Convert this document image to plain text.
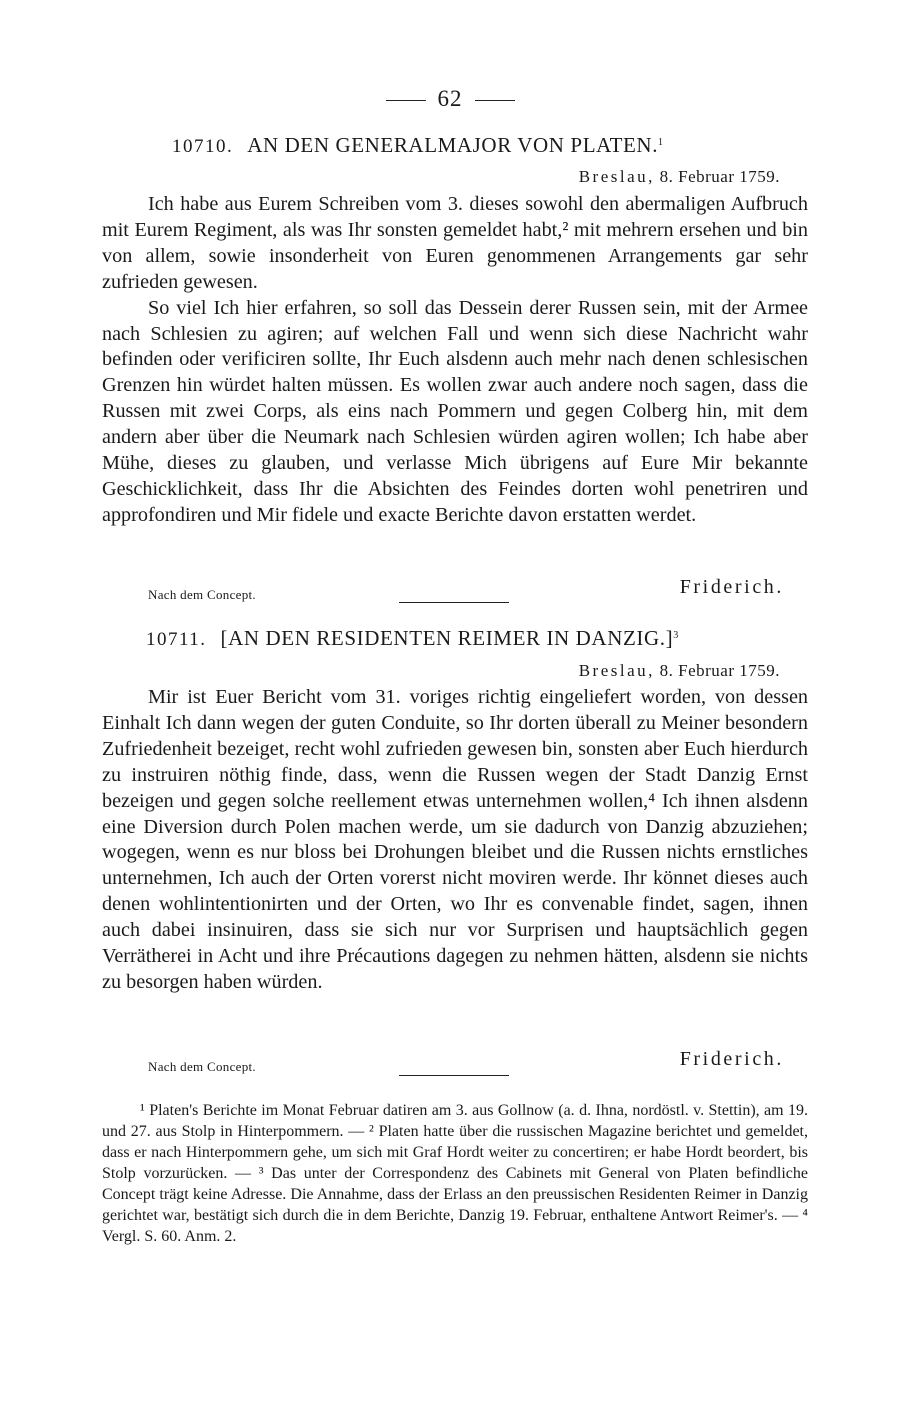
62
10710. AN DEN GENERALMAJOR VON PLATEN.$^1$
Breslau, 8. Februar 1759.

Ich habe aus Eurem Schreiben vom 3. dieses sowohl den abermaligen Aufbruch mit Eurem Regiment, als was Ihr sonsten gemeldet habt,² mit mehrern ersehen und bin von allem, sowie insonderheit von Euren genommenen Arrangements gar sehr zufrieden gewesen.

So viel Ich hier erfahren, so soll das Dessein derer Russen sein, mit der Armee nach Schlesien zu agiren; auf welchen Fall und wenn sich diese Nachricht wahr befinden oder verificiren sollte, Ihr Euch alsdenn auch mehr nach denen schlesischen Grenzen hin würdet halten müssen. Es wollen zwar auch andere noch sagen, dass die Russen mit zwei Corps, als eins nach Pommern und gegen Colberg hin, mit dem andern aber über die Neumark nach Schlesien würden agiren wollen; Ich habe aber Mühe, dieses zu glauben, und verlasse Mich übrigens auf Eure Mir bekannte Geschicklichkeit, dass Ihr die Absichten des Feindes dorten wohl penetriren und approfondiren und Mir fidele und exacte Berichte davon erstatten werdet.

Nach dem Concept.	Friderich.
10711. [AN DEN RESIDENTEN REIMER IN DANZIG.]$^3$
Breslau, 8. Februar 1759.

Mir ist Euer Bericht vom 31. voriges richtig eingeliefert worden, von dessen Einhalt Ich dann wegen der guten Conduite, so Ihr dorten überall zu Meiner besondern Zufriedenheit bezeiget, recht wohl zufrieden gewesen bin, sonsten aber Euch hierdurch zu instruiren nöthig finde, dass, wenn die Russen wegen der Stadt Danzig Ernst bezeigen und gegen solche reellement etwas unternehmen wollen,⁴ Ich ihnen alsdenn eine Diversion durch Polen machen werde, um sie dadurch von Danzig abzuziehen; wogegen, wenn es nur bloss bei Drohungen bleibet und die Russen nichts ernstliches unternehmen, Ich auch der Orten vorerst nicht moviren werde. Ihr könnet dieses auch denen wohlintentionirten und der Orten, wo Ihr es convenable findet, sagen, ihnen auch dabei insinuiren, dass sie sich nur vor Surprisen und hauptsächlich gegen Verrätherei in Acht und ihre Précautions dagegen zu nehmen hätten, alsdenn sie nichts zu besorgen haben würden.

Nach dem Concept.	Friderich.

¹ Platen's Berichte im Monat Februar datiren am 3. aus Gollnow (a. d. Ihna, nordöstl. v. Stettin), am 19. und 27. aus Stolp in Hinterpommern. — ² Platen hatte über die russischen Magazine berichtet und gemeldet, dass er nach Hinterpommern gehe, um sich mit Graf Hordt weiter zu concertiren; er habe Hordt beordert, bis Stolp vorzurücken. — ³ Das unter der Correspondenz des Cabinets mit General von Platen befindliche Concept trägt keine Adresse. Die Annahme, dass der Erlass an den preussischen Residenten Reimer in Danzig gerichtet war, bestätigt sich durch die in dem Berichte, Danzig 19. Februar, enthaltene Antwort Reimer's. — ⁴ Vergl. S. 60. Anm. 2.
